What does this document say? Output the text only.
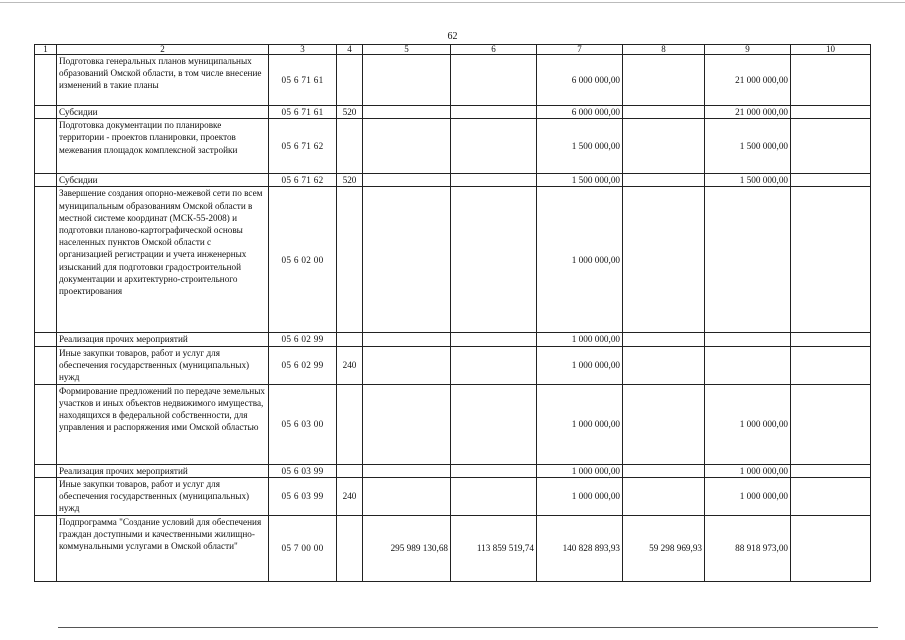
62
1	2	3	4	5	6	7	8	9	10
	Подготовка генеральных планов муниципальных образований Омской области, в том числе внесение изменений в такие планы	05 6 71 61				6 000 000,00		21 000 000,00	
	Субсидии	05 6 71 61	520			6 000 000,00		21 000 000,00	
	Подготовка документации по планировке территории - проектов планировки, проектов межевания площадок комплексной застройки	05 6 71 62				1 500 000,00		1 500 000,00	
	Субсидии	05 6 71 62	520			1 500 000,00		1 500 000,00	
	Завершение создания опорно-межевой сети по всем муниципальным образованиям Омской области в местной системе координат (МСК-55-2008) и подготовки планово-картографической основы населенных пунктов Омской области с организацией регистрации и учета инженерных изысканий для подготовки градостроительной документации и архитектурно-строительного проектирования	05 6 02 00				1 000 000,00			
	Реализация прочих мероприятий	05 6 02 99				1 000 000,00			
	Иные закупки товаров, работ и услуг для обеспечения государственных (муниципальных) нужд	05 6 02 99	240			1 000 000,00			
	Формирование предложений по передаче земельных участков и иных объектов недвижимого имущества, находящихся в федеральной собственности, для управления и распоряжения ими Омской областью	05 6 03 00				1 000 000,00		1 000 000,00	
	Реализация прочих мероприятий	05 6 03 99				1 000 000,00		1 000 000,00	
	Иные закупки товаров, работ и услуг для обеспечения государственных (муниципальных) нужд	05 6 03 99	240			1 000 000,00		1 000 000,00	
	Подпрограмма "Создание условий для обеспечения граждан доступными и качественными жилищно-коммунальными услугами в Омской области"	05 7 00 00		295 989 130,68	113 859 519,74	140 828 893,93	59 298 969,93	88 918 973,00	
